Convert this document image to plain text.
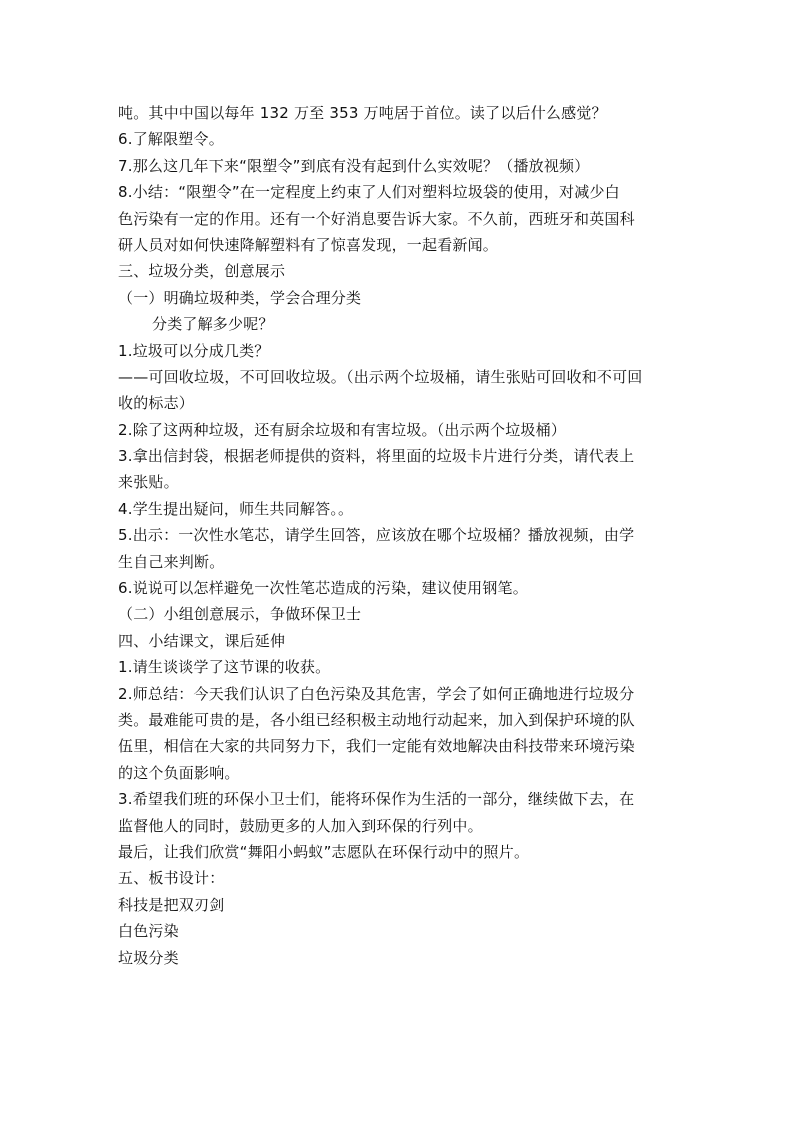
吨。其中中国以每年 132 万至 353 万吨居于首位。读了以后什么感觉？
6.了解限塑令。
7.那么这几年下来“限塑令”到底有没有起到什么实效呢？（播放视频）
8.小结：“限塑令”在一定程度上约束了人们对塑料垃圾袋的使用，对减少白
色污染有一定的作用。还有一个好消息要告诉大家。不久前，西班牙和英国科
研人员对如何快速降解塑料有了惊喜发现，一起看新闻。
三、垃圾分类，创意展示
（一）明确垃圾种类，学会合理分类
分类了解多少呢？
1.垃圾可以分成几类？
——可回收垃圾，不可回收垃圾。（出示两个垃圾桶，请生张贴可回收和不可回
收的标志）
2.除了这两种垃圾，还有厨余垃圾和有害垃圾。（出示两个垃圾桶）
3.拿出信封袋，根据老师提供的资料，将里面的垃圾卡片进行分类，请代表上
来张贴。
4.学生提出疑问，师生共同解答。。
5.出示：一次性水笔芯，请学生回答，应该放在哪个垃圾桶？播放视频，由学
生自己来判断。
6.说说可以怎样避免一次性笔芯造成的污染，建议使用钢笔。
（二）小组创意展示，争做环保卫士
四、小结课文，课后延伸
1.请生谈谈学了这节课的收获。
2.师总结：今天我们认识了白色污染及其危害，学会了如何正确地进行垃圾分
类。最难能可贵的是，各小组已经积极主动地行动起来，加入到保护环境的队
伍里，相信在大家的共同努力下，我们一定能有效地解决由科技带来环境污染
的这个负面影响。
3.希望我们班的环保小卫士们，能将环保作为生活的一部分，继续做下去，在
监督他人的同时，鼓励更多的人加入到环保的行列中。
最后，让我们欣赏“舞阳小蚂蚁”志愿队在环保行动中的照片。
五、板书设计：
科技是把双刃剑
白色污染
垃圾分类
